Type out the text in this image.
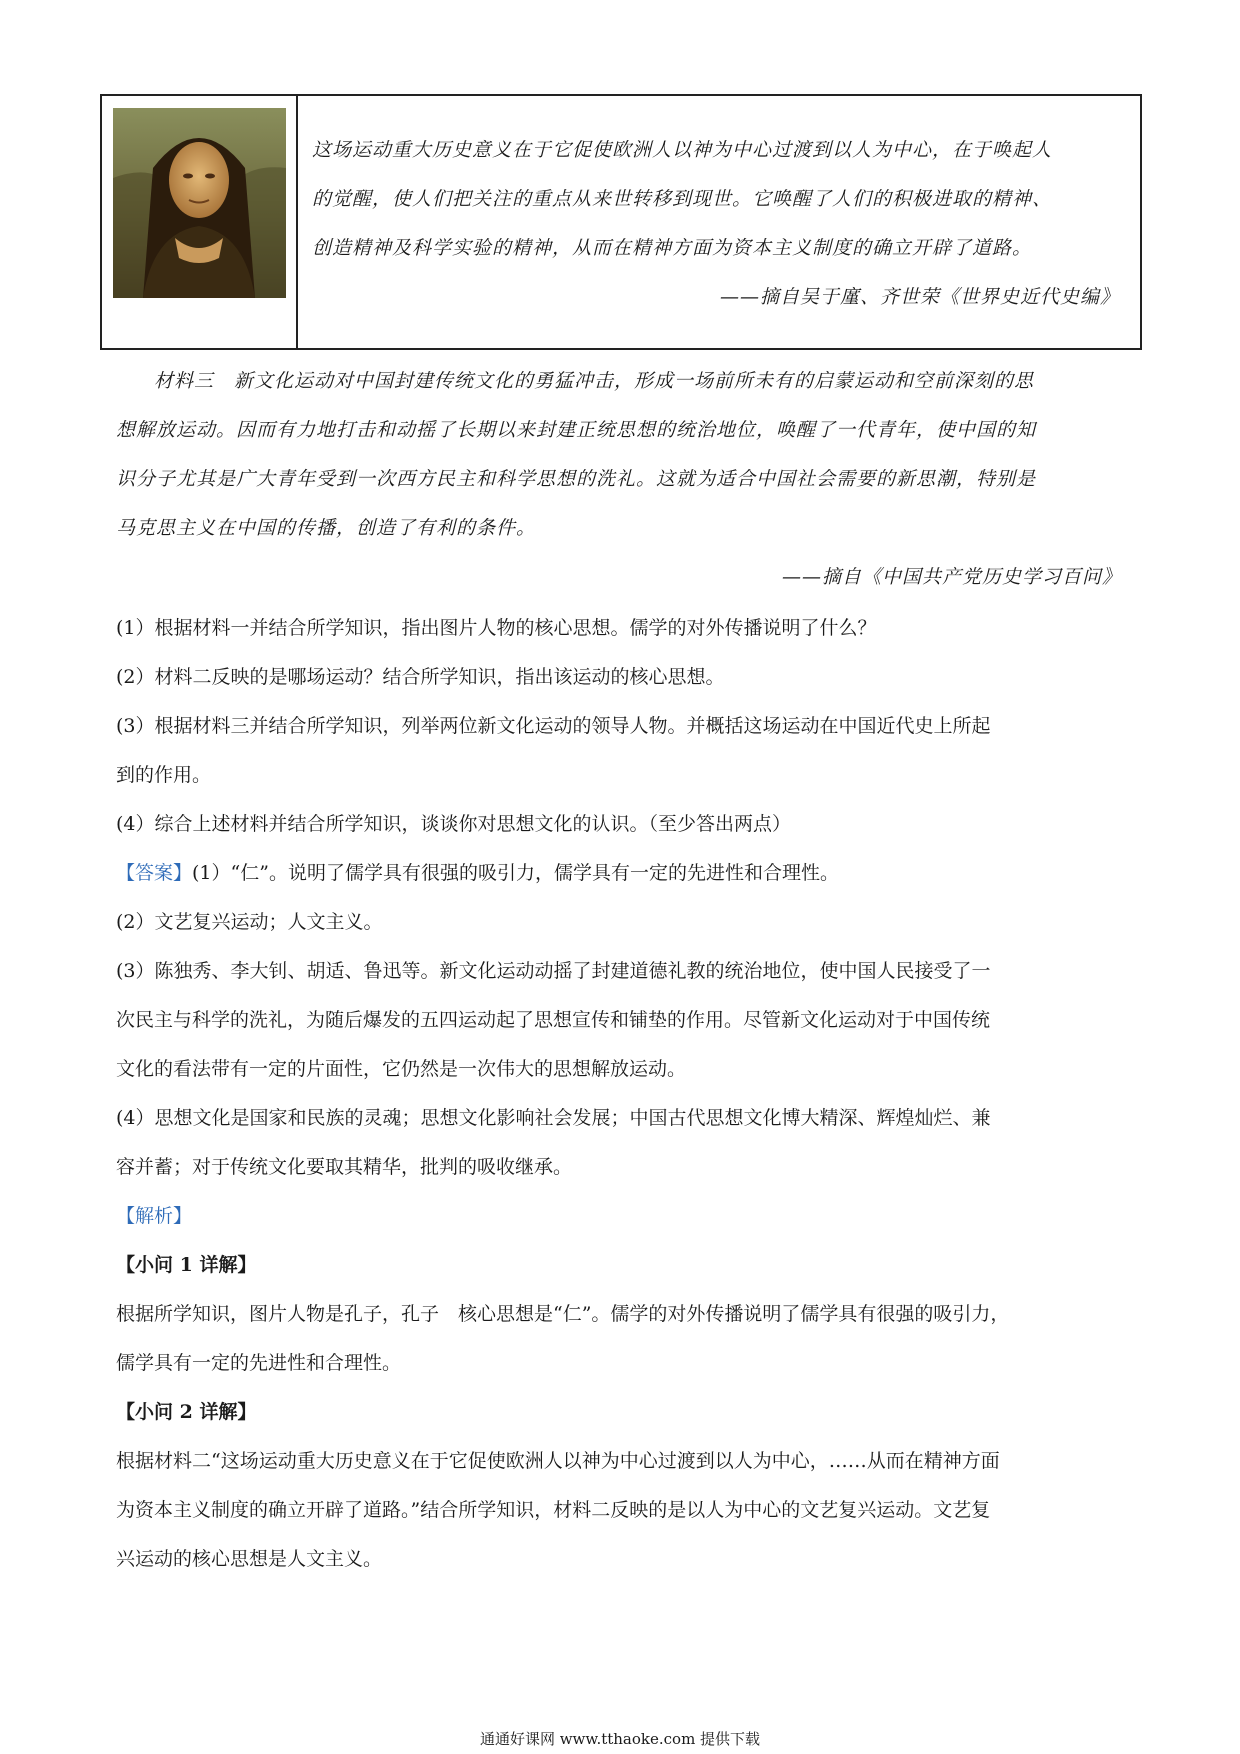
这场运动重大历史意义在于它促使欧洲人以神为中心过渡到以人为中心，在于唤起人
的觉醒，使人们把关注的重点从来世转移到现世。它唤醒了人们的积极进取的精神、
创造精神及科学实验的精神，从而在精神方面为资本主义制度的确立开辟了道路。
——摘自吴于廑、齐世荣《世界史近代史编》

材料三　新文化运动对中国封建传统文化的勇猛冲击，形成一场前所未有的启蒙运动和空前深刻的思

想解放运动。因而有力地打击和动摇了长期以来封建正统思想的统治地位，唤醒了一代青年，使中国的知

识分子尤其是广大青年受到一次西方民主和科学思想的洗礼。这就为适合中国社会需要的新思潮，特别是

马克思主义在中国的传播，创造了有利的条件。

——摘自《中国共产党历史学习百问》

(1）根据材料一并结合所学知识，指出图片人物的核心思想。儒学的对外传播说明了什么？

(2）材料二反映的是哪场运动？结合所学知识，指出该运动的核心思想。

(3）根据材料三并结合所学知识，列举两位新文化运动的领导人物。并概括这场运动在中国近代史上所起

到的作用。

(4）综合上述材料并结合所学知识，谈谈你对思想文化的认识。（至少答出两点）

【答案】(1）“仁”。说明了儒学具有很强的吸引力，儒学具有一定的先进性和合理性。

(2）文艺复兴运动；人文主义。

(3）陈独秀、李大钊、胡适、鲁迅等。新文化运动动摇了封建道德礼教的统治地位，使中国人民接受了一

次民主与科学的洗礼，为随后爆发的五四运动起了思想宣传和铺垫的作用。尽管新文化运动对于中国传统

文化的看法带有一定的片面性，它仍然是一次伟大的思想解放运动。

(4）思想文化是国家和民族的灵魂；思想文化影响社会发展；中国古代思想文化博大精深、辉煌灿烂、兼

容并蓄；对于传统文化要取其精华，批判的吸收继承。

【解析】

【小问 1 详解】

根据所学知识，图片人物是孔子，孔子　核心思想是“仁”。儒学的对外传播说明了儒学具有很强的吸引力，

儒学具有一定的先进性和合理性。

【小问 2 详解】

根据材料二“这场运动重大历史意义在于它促使欧洲人以神为中心过渡到以人为中心，……从而在精神方面

为资本主义制度的确立开辟了道路。”结合所学知识，材料二反映的是以人为中心的文艺复兴运动。文艺复

兴运动的核心思想是人文主义。

通通好课网 www.tthaoke.com 提供下载
